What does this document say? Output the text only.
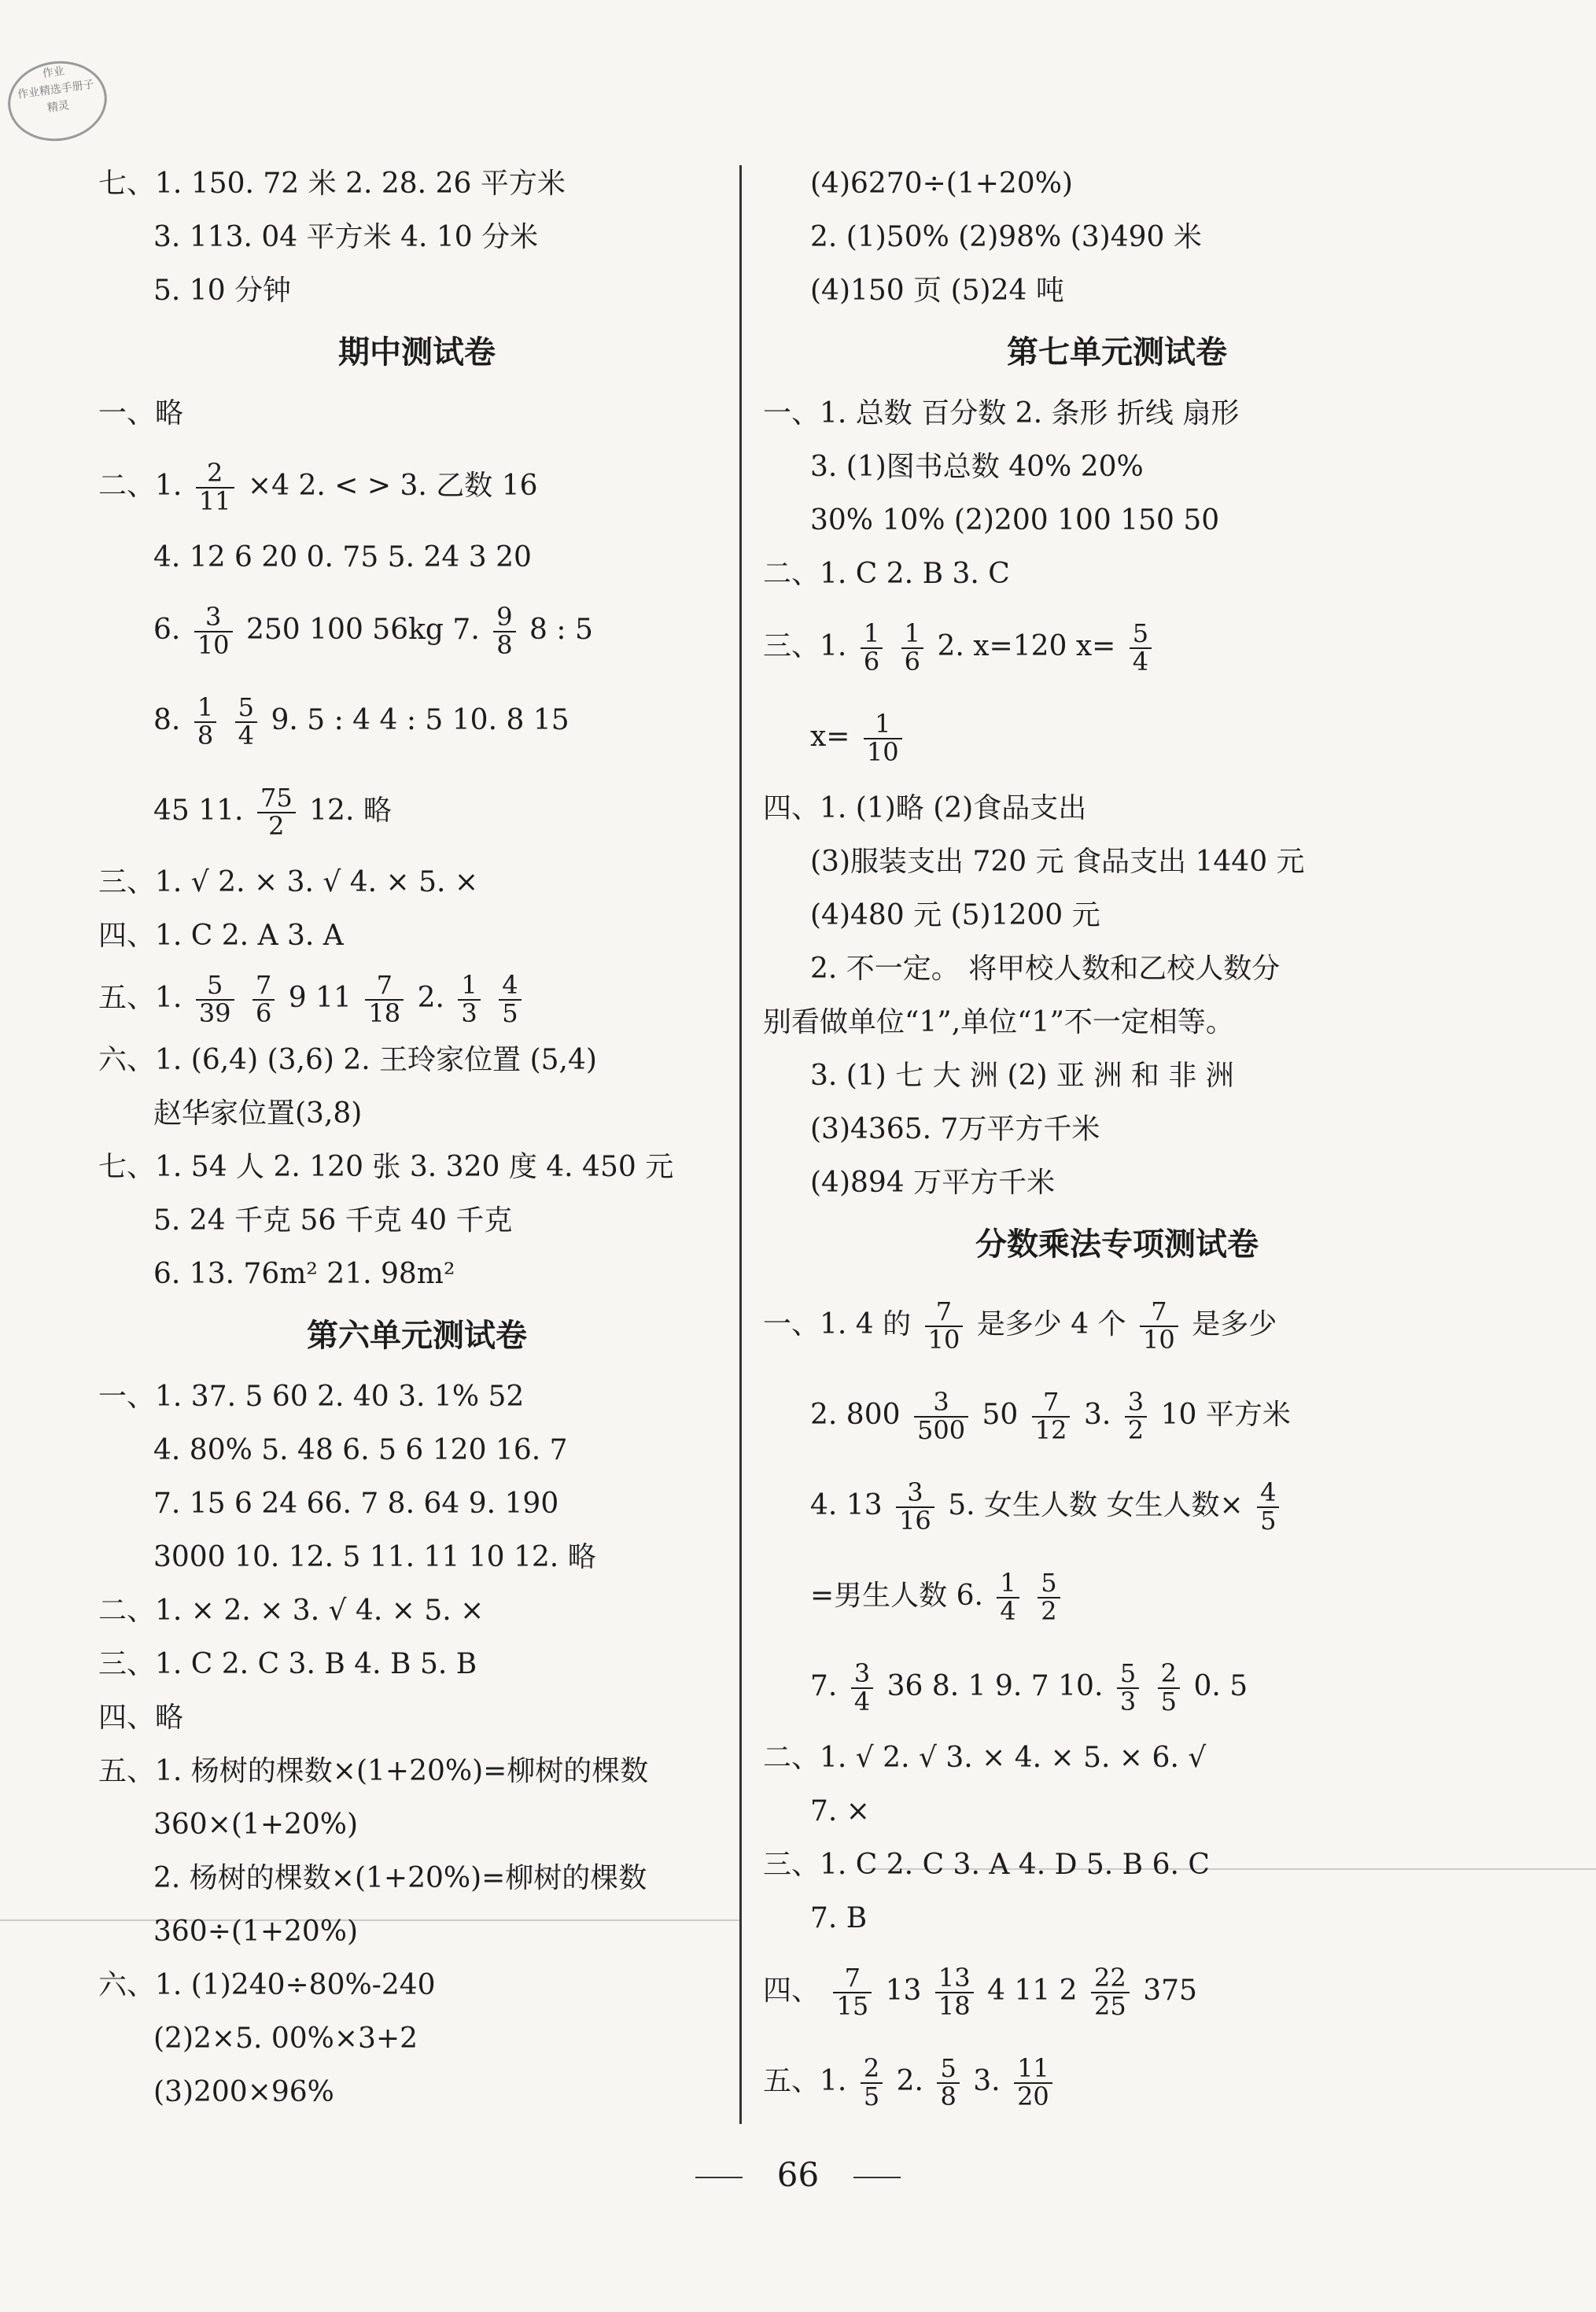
作业
作业精选手册子
精灵
七、1. 150. 72 米 2. 28. 26 平方米
3. 113. 04 平方米 4. 10 分米
5. 10 分钟
期中测试卷
一、略
二、1. $\frac{2}{11} \times 4$ 2. < > 3. 乙数 16
4. 12 6 20 0. 75 5. 24 3 20
6. $\frac{3}{10} 250$ 100 56kg 7. $\frac{9}{8} 8$ : 5
8. $\frac{1}{8}$
$\frac{5}{4} 9$. 5 : 4 4 : 5 10. 8 15
45 11. $\frac{75}{2} 12$. 略
三、1. √ 2. × 3. √ 4. × 5. ×
四、1. C 2. A 3. A
五、1. $\frac{5}{39}$
$\frac{7}{6} 9$ $11 \frac{7}{18} 2$. $\frac{1}{3}$
$\frac{4}{5}$
六、1. (6,4) (3,6) 2. 王玲家位置 (5,4)
赵华家位置(3,8)
七、1. 54 人 2. 120 张 3. 320 度 4. 450 元
5. 24 千克 56 千克 40 千克
6. 13. 76m² 21. 98m²
第六单元测试卷
一、1. 37. 5 60 2. 40 3. 1% 52
4. 80% 5. 48 6. 5 6 120 16. 7
7. 15 6 24 66. 7 8. 64 9. 190
3000 10. 12. 5 11. 11 10 12. 略
二、1. × 2. × 3. √ 4. × 5. ×
三、1. C 2. C 3. B 4. B 5. B
四、略
五、1. 杨树的棵数×(1+20%)=柳树的棵数
360×(1+20%)
2. 杨树的棵数×(1+20%)=柳树的棵数
360÷(1+20%)
六、1. (1)240÷80%-240
(2)2×5. 00%×3+2
(3)200×96%
(4)6270÷(1+20%)
2. (1)50% (2)98% (3)490 米
(4)150 页 (5)24 吨
第七单元测试卷
一、1. 总数 百分数 2. 条形 折线 扇形
3. (1)图书总数 40% 20%
30% 10% (2)200 100 150 50
二、1. C 2. B 3. C
三、1. $\frac{1}{6}$
$\frac{1}{6} 2$. x=120 $x= \frac{5}{4}$
$x= \frac{1}{10}$
四、1. (1)略 (2)食品支出
(3)服装支出 720 元 食品支出 1440 元
(4)480 元 (5)1200 元
2. 不一定。 将甲校人数和乙校人数分
别看做单位“1”,单位“1”不一定相等。
3. (1) 七 大 洲 (2) 亚 洲 和 非 洲
(3)4365. 7万平方千米
(4)894 万平方千米
分数乘法专项测试卷
一、1. 4 的 $\frac{7}{10}$ 是多少 4 个 $\frac{7}{10}$ 是多少
2. $800 \frac{3}{500} 50 \frac{7}{12} 3$. $\frac{3}{2} 10$ 平方米
4. $13 \frac{3}{16} 5$. 女生人数 女生人数× $\frac{4}{5}$
=男生人数 6. $\frac{1}{4}$
$\frac{5}{2}$
7. $\frac{3}{4} 36$ 8. 1 9. 7 10. $\frac{5}{3}$
$\frac{2}{5} 0$. 5
二、1. √ 2. √ 3. × 4. × 5. × 6. √
7. ×
三、1. C 2. C 3. A 4. D 5. B 6. C
7. B
四、 $\frac{7}{15} 13 \frac{13}{18} 4$ 11 $2 \frac{22}{25} 375$
五、1. $\frac{2}{5} 2$. $\frac{5}{8} 3$. $\frac{11}{20}$
66
